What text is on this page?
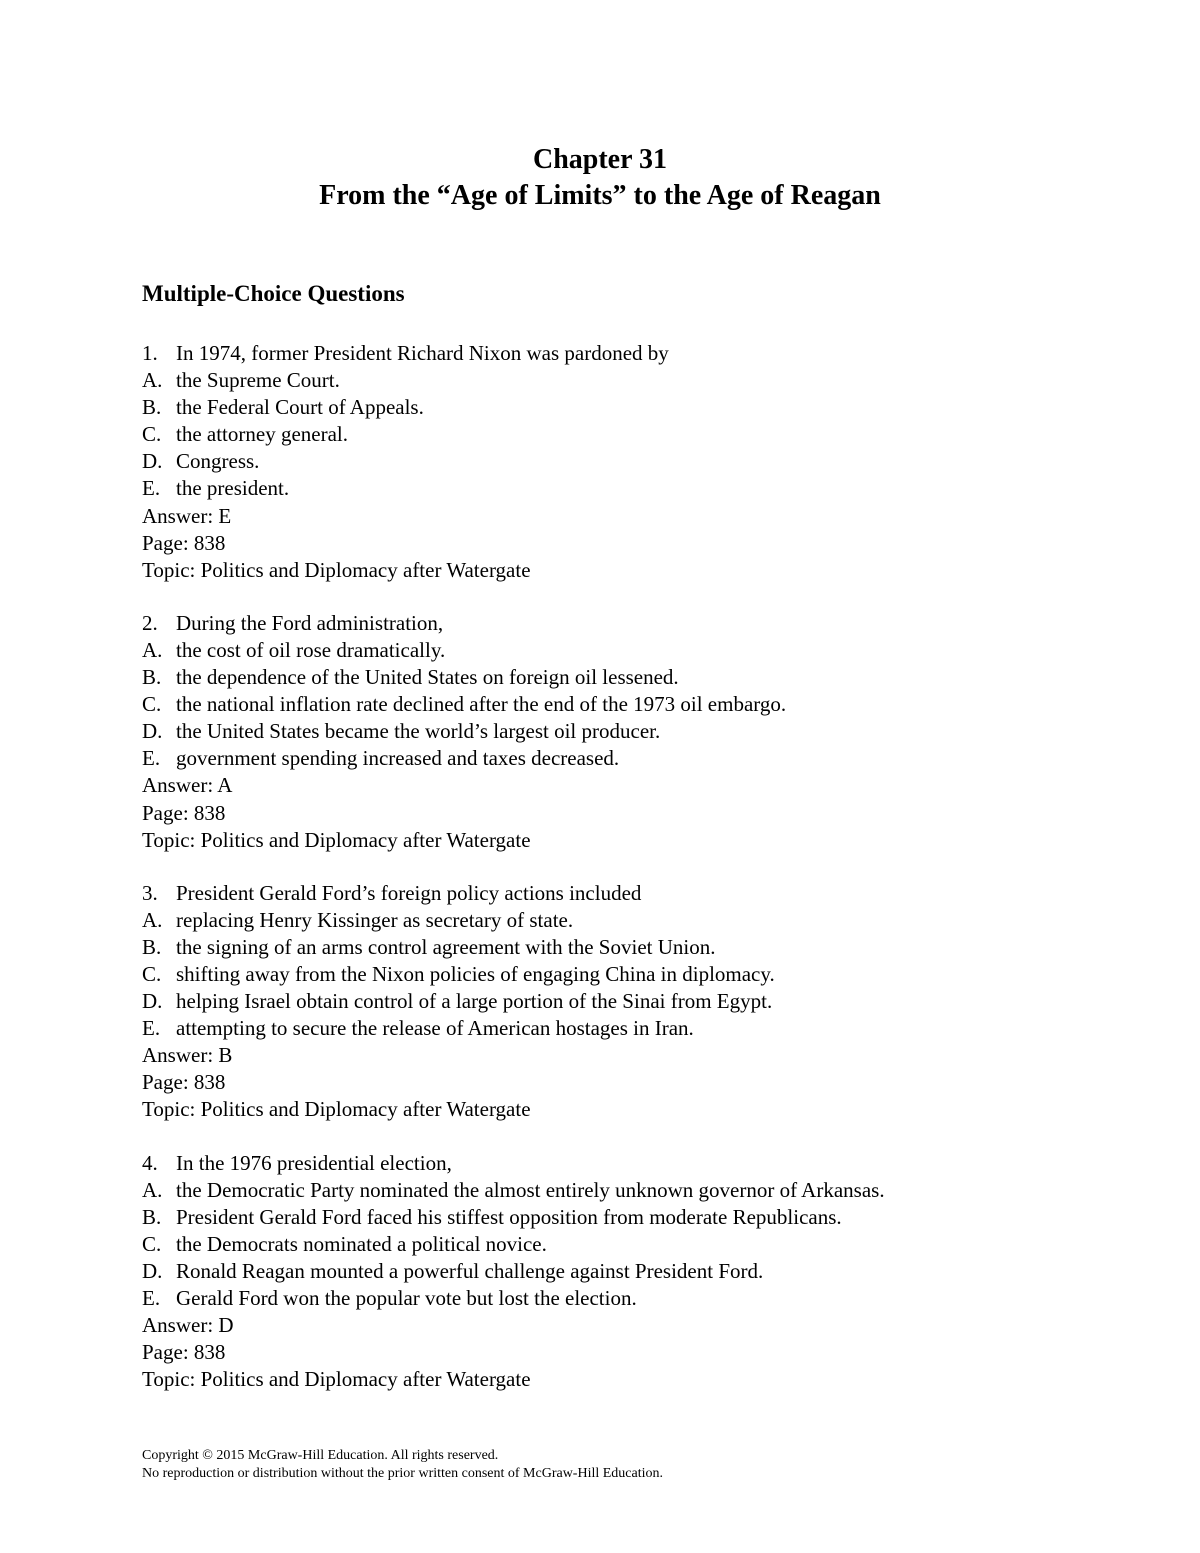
Chapter 31
From the “Age of Limits” to the Age of Reagan
Multiple-Choice Questions
1. In 1974, former President Richard Nixon was pardoned by
A. the Supreme Court.
B. the Federal Court of Appeals.
C. the attorney general.
D. Congress.
E. the president.
Answer: E
Page: 838
Topic: Politics and Diplomacy after Watergate
2. During the Ford administration,
A. the cost of oil rose dramatically.
B. the dependence of the United States on foreign oil lessened.
C. the national inflation rate declined after the end of the 1973 oil embargo.
D. the United States became the world’s largest oil producer.
E. government spending increased and taxes decreased.
Answer: A
Page: 838
Topic: Politics and Diplomacy after Watergate
3. President Gerald Ford’s foreign policy actions included
A. replacing Henry Kissinger as secretary of state.
B. the signing of an arms control agreement with the Soviet Union.
C. shifting away from the Nixon policies of engaging China in diplomacy.
D. helping Israel obtain control of a large portion of the Sinai from Egypt.
E. attempting to secure the release of American hostages in Iran.
Answer: B
Page: 838
Topic: Politics and Diplomacy after Watergate
4. In the 1976 presidential election,
A. the Democratic Party nominated the almost entirely unknown governor of Arkansas.
B. President Gerald Ford faced his stiffest opposition from moderate Republicans.
C. the Democrats nominated a political novice.
D. Ronald Reagan mounted a powerful challenge against President Ford.
E. Gerald Ford won the popular vote but lost the election.
Answer: D
Page: 838
Topic: Politics and Diplomacy after Watergate
Copyright © 2015 McGraw-Hill Education. All rights reserved.
No reproduction or distribution without the prior written consent of McGraw-Hill Education.
